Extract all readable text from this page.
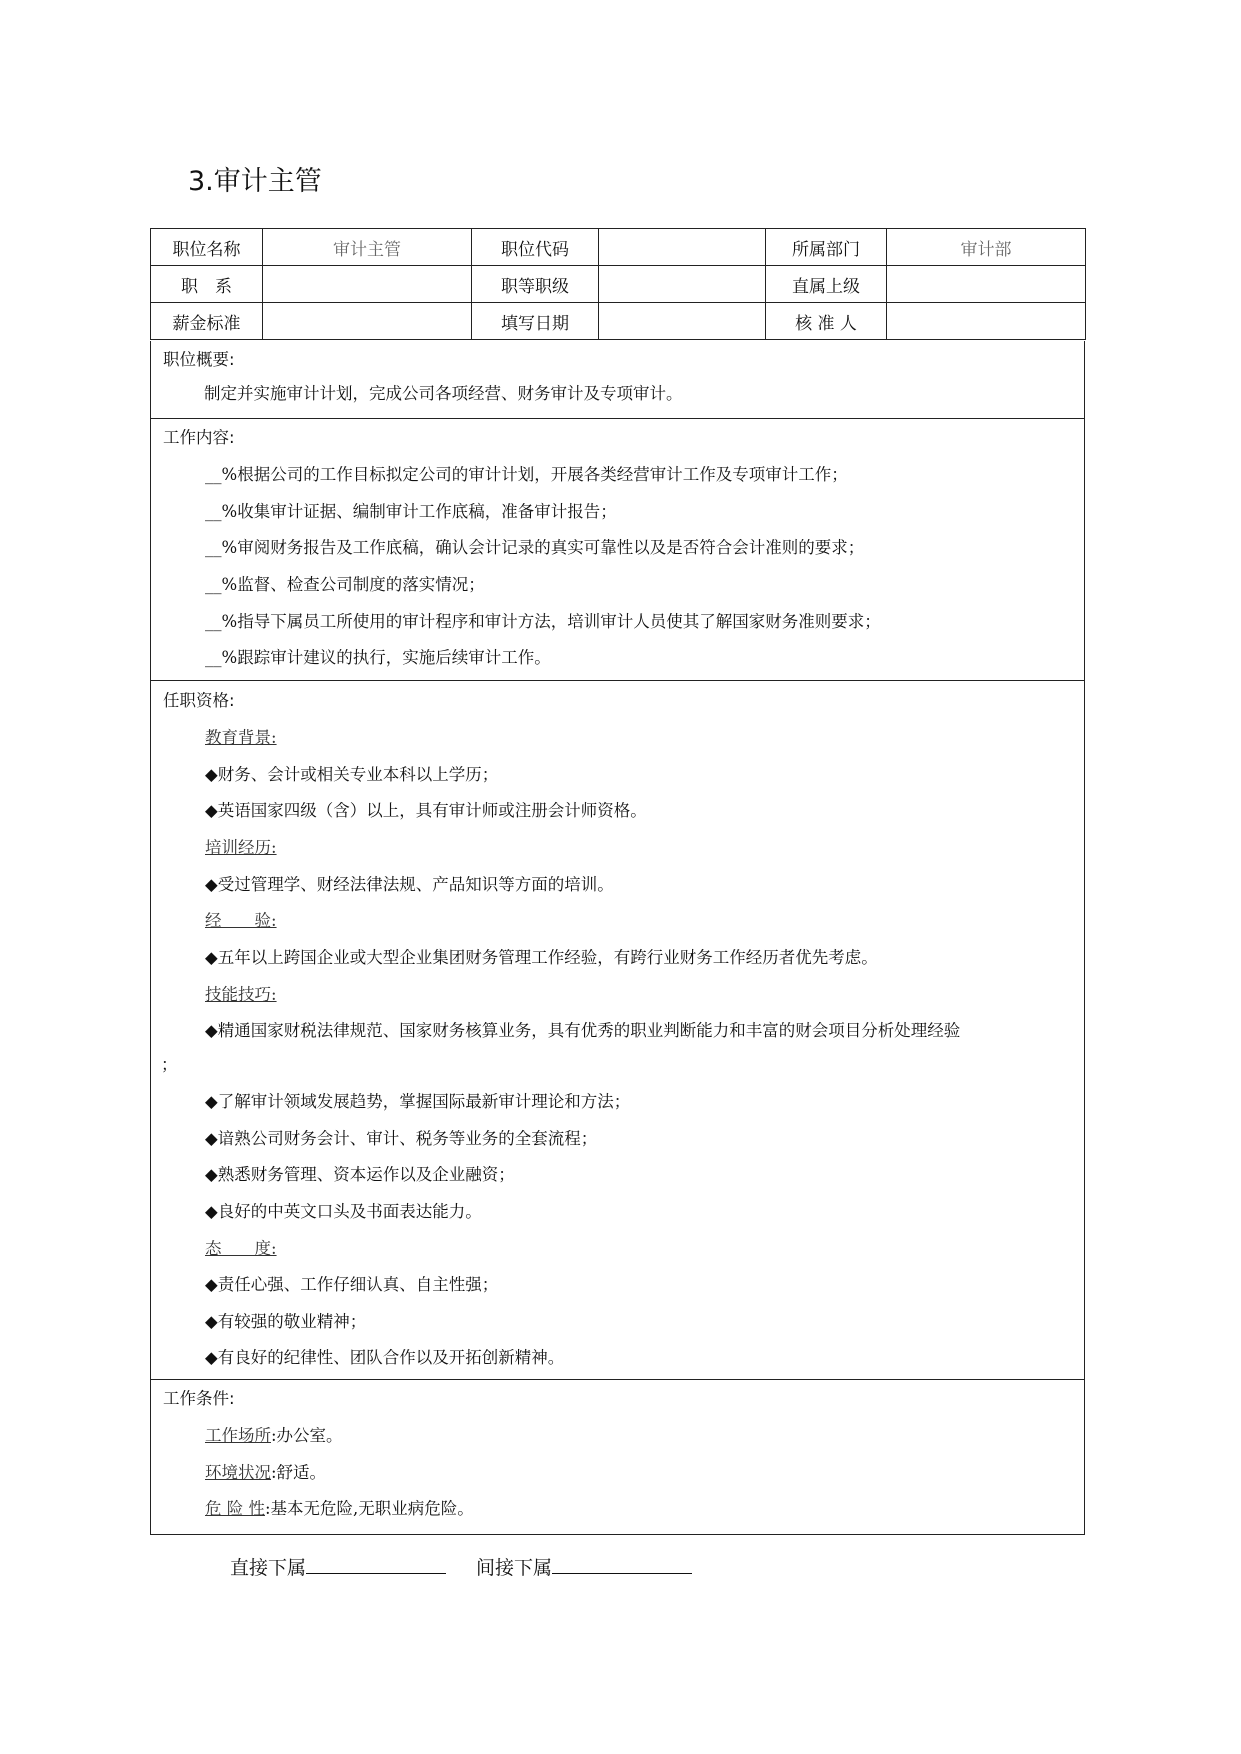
3.审计主管
职位名称	审计主管	职位代码		所属部门	审计部
职　系		职等职级		直属上级	
薪金标准		填写日期		核 准 人	
职位概要:
制定并实施审计计划，完成公司各项经营、财务审计及专项审计。
工作内容:
__%根据公司的工作目标拟定公司的审计计划，开展各类经营审计工作及专项审计工作；
__%收集审计证据、编制审计工作底稿，准备审计报告；
__%审阅财务报告及工作底稿，确认会计记录的真实可靠性以及是否符合会计准则的要求；
__%监督、检查公司制度的落实情况；
__%指导下属员工所使用的审计程序和审计方法，培训审计人员使其了解国家财务准则要求；
__%跟踪审计建议的执行，实施后续审计工作。
任职资格:
教育背景:
◆财务、会计或相关专业本科以上学历；
◆英语国家四级（含）以上，具有审计师或注册会计师资格。
培训经历:
◆受过管理学、财经法律法规、产品知识等方面的培训。
经　　验:
◆五年以上跨国企业或大型企业集团财务管理工作经验，有跨行业财务工作经历者优先考虑。
技能技巧:
◆精通国家财税法律规范、国家财务核算业务，具有优秀的职业判断能力和丰富的财会项目分析处理经验
；
◆了解审计领域发展趋势，掌握国际最新审计理论和方法；
◆谙熟公司财务会计、审计、税务等业务的全套流程；
◆熟悉财务管理、资本运作以及企业融资；
◆良好的中英文口头及书面表达能力。
态　　度:
◆责任心强、工作仔细认真、自主性强；
◆有较强的敬业精神；
◆有良好的纪律性、团队合作以及开拓创新精神。
工作条件:
工作场所:办公室。
环境状况:舒适。
危 险 性:基本无危险,无职业病危险。
直接下属	间接下属
